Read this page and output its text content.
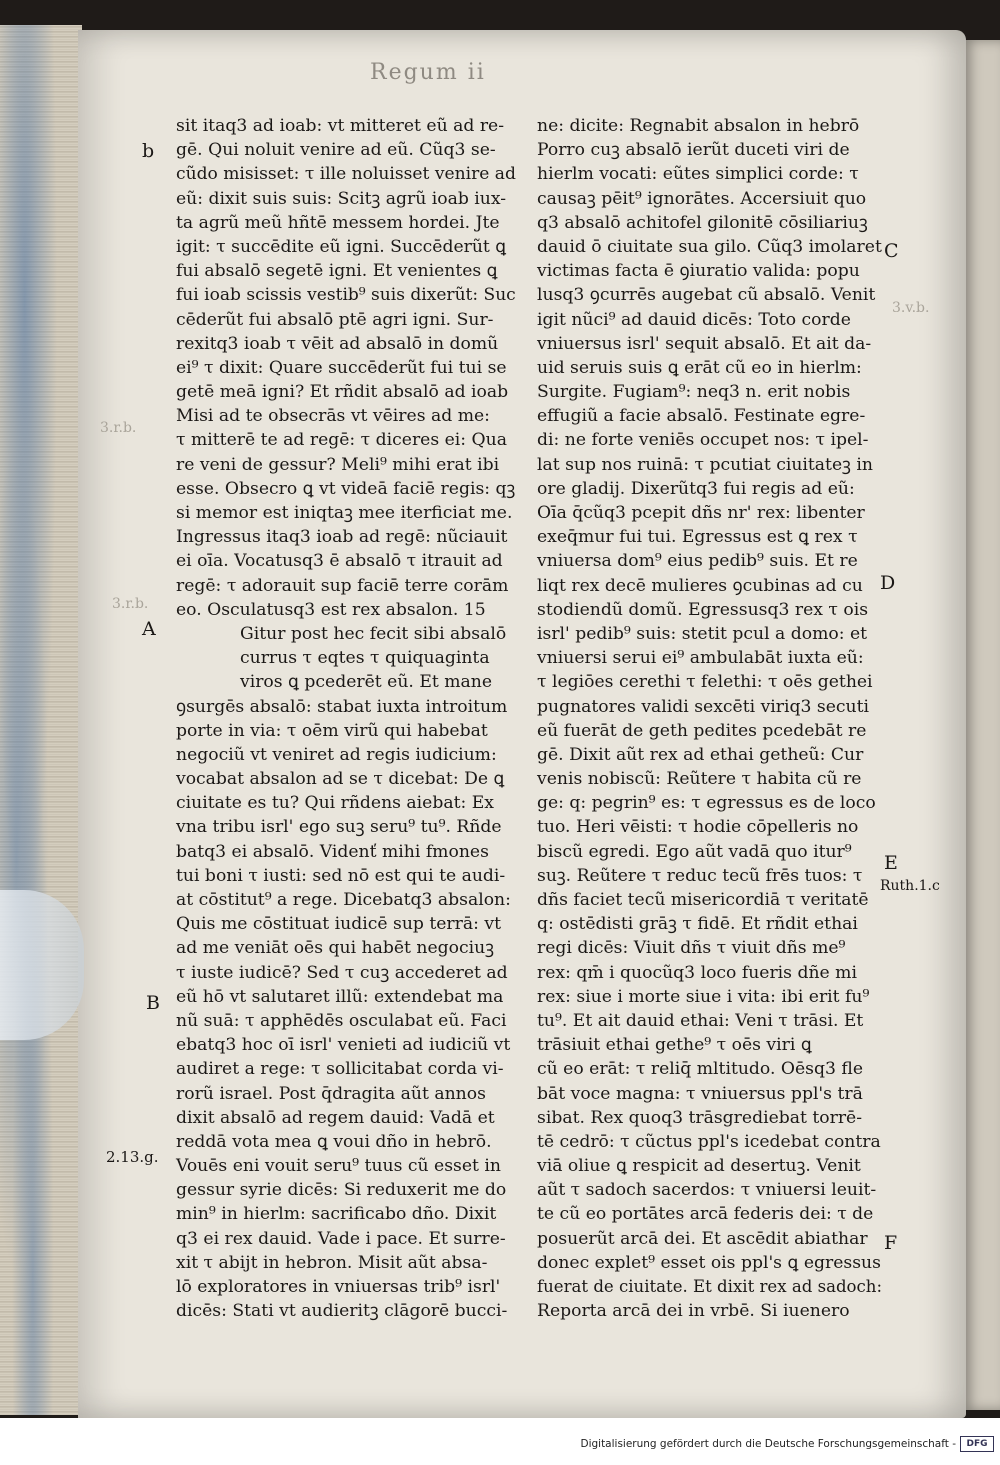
Regum ii
sit itaq3 ad ioab: vt mitteret eũ ad re-
gē. Qui noluit venire ad eũ. Cũq3 se-
cũdo misisset: τ ille noluisset venire ad
eũ: dixit suis suis: Scitꝫ agrũ ioab iux-
ta agrũ meũ hñtē messem hordei. Jte
igit: τ succēdite eũ igni. Succēderũt ꝗ
fui absalō segetē igni. Et venientes ꝗ
fui ioab scissis vestib⁹ suis dixerũt: Suc
cēderũt fui absalō ptē agri igni. Sur-
rexitq3 ioab τ vēit ad absalō in domũ
ei⁹ τ dixit: Quare succēderũt fui tui se
getē meā igni? Et rñdit absalō ad ioab
Misi ad te obsecrās vt vēires ad me:
τ mitterē te ad regē: τ diceres ei: Qua
re veni de gessur? Meli⁹ mihi erat ibi
esse. Obsecro ꝗ vt videā faciē regis: qꝫ
si memor est iniqtaꝫ mee iterficiat me.
Ingressus itaq3 ioab ad regē: nũciauit
ei oīa. Vocatusq3 ē absalō τ itrauit ad
regē: τ adorauit sup faciē terre corām
eo. Osculatusq3 est rex absalon. 15
Gitur post hec fecit sibi absalō
currus τ eqtes τ quiquaginta
viros ꝗ pcederēt eũ. Et mane
ꝯsurgēs absalō: stabat iuxta introitum
porte in via: τ oēm virũ qui habebat
negociũ vt veniret ad regis iudicium:
vocabat absalon ad se τ dicebat: De ꝗ
ciuitate es tu? Qui rñdens aiebat: Ex
vna tribu isrl' ego suꝫ seru⁹ tu⁹. Rñde
batq3 ei absalō. Videnť mihi fmones
tui boni τ iusti: sed nō est qui te audi-
at cōstitut⁹ a rege. Dicebatq3 absalon:
Quis me cōstituat iudicē sup terrā: vt
ad me veniāt oēs qui habēt negociuꝫ
τ iuste iudicē? Sed τ cuꝫ accederet ad
eũ hō vt salutaret illũ: extendebat ma
nũ suā: τ apphēdēs osculabat eũ. Faci
ebatq3 hoc oī isrl' venieti ad iudiciũ vt
audiret a rege: τ sollicitabat corda vi-
rorũ israel. Post q̄dragita aũt annos
dixit absalō ad regem dauid: Vadā et
reddā vota mea ꝗ voui dño in hebrō.
Vouēs eni vouit seru⁹ tuus cũ esset in
gessur syrie dicēs: Si reduxerit me do
min⁹ in hierlm: sacrificabo dño. Dixit
q3 ei rex dauid. Vade i pace. Et surre-
xit τ abijt in hebron. Misit aũt absa-
lō exploratores in vniuersas trib⁹ isrl'
dicēs: Stati vt audieritꝫ clāgorē bucci-
ne: dicite: Regnabit absalon in hebrō
Porro cuꝫ absalō ierũt duceti viri de
hierlm vocati: eũtes simplici corde: τ
causaꝫ pēit⁹ ignorātes. Accersiuit quo
q3 absalō achitofel gilonitē cōsiliariuꝫ
dauid ō ciuitate sua gilo. Cũq3 imolaret
victimas facta ē ꝯiuratio valida: popu
lusq3 ꝯcurrēs augebat cũ absalō. Venit
igit nũci⁹ ad dauid dicēs: Toto corde
vniuersus isrl' sequit absalō. Et ait da-
uid seruis suis ꝗ erāt cũ eo in hierlm:
Surgite. Fugiam⁹: neq3 n. erit nobis
effugiũ a facie absalō. Festinate egre-
di: ne forte veniēs occupet nos: τ ipel-
lat sup nos ruinā: τ pcutiat ciuitateꝫ in
ore gladij. Dixerũtq3 fui regis ad eũ:
Oīa q̄cũq3 pcepit dñs nr' rex: libenter
exeq̄mur fui tui. Egressus est ꝗ rex τ
vniuersa dom⁹ eius pedib⁹ suis. Et re
liqt rex decē mulieres ꝯcubinas ad cu
stodiendũ domũ. Egressusq3 rex τ ois
isrl' pedib⁹ suis: stetit pcul a domo: et
vniuersi serui ei⁹ ambulabāt iuxta eũ:
τ legiōes cerethi τ felethi: τ oēs gethei
pugnatores validi sexcēti viriq3 secuti
eũ fuerāt de geth pedites pcedebāt re
gē. Dixit aũt rex ad ethai getheũ: Cur
venis nobiscũ: Reũtere τ habita cũ re
ge: q: pegrin⁹ es: τ egressus es de loco
tuo. Heri vēisti: τ hodie cōpelleris no
biscũ egredi. Ego aũt vadā quo itur⁹
suꝫ. Reũtere τ reduc tecũ frēs tuos: τ
dñs faciet tecũ misericordiā τ veritatē
q: ostēdisti grāꝫ τ fidē. Et rñdit ethai
regi dicēs: Viuit dñs τ viuit dñs me⁹
rex: qm̄ i quocũq3 loco fueris dñe mi
rex: siue i morte siue i vita: ibi erit fu⁹
tu⁹. Et ait dauid ethai: Veni τ trāsi. Et
trāsiuit ethai gethe⁹ τ oēs viri ꝗ
cũ eo erāt: τ reliq̄ mltitudo. Oēsq3 fle
bāt voce magna: τ vniuersus ppl's trā
sibat. Rex quoq3 trāsgrediebat torrē-
tē cedrō: τ cũctus ppl's icedebat contra
viā oliue ꝗ respicit ad desertuꝫ. Venit
aũt τ sadoch sacerdos: τ vniuersi leuit-
te cũ eo portātes arcā federis dei: τ de
posuerũt arcā dei. Et ascēdit abiathar
donec explet⁹ esset ois ppl's ꝗ egressus
fuerat de ciuitate. Et dixit rex ad sadoch:
Reporta arcā dei in vrbē. Si iuenero
b
3.r.b.
3.r.b.
A
B
2.13.g.
C
3.v.b.
D
E
Ruth.1.c
F
Digitalisierung gefördert durch die Deutsche Forschungsgemeinschaft -	DFG
